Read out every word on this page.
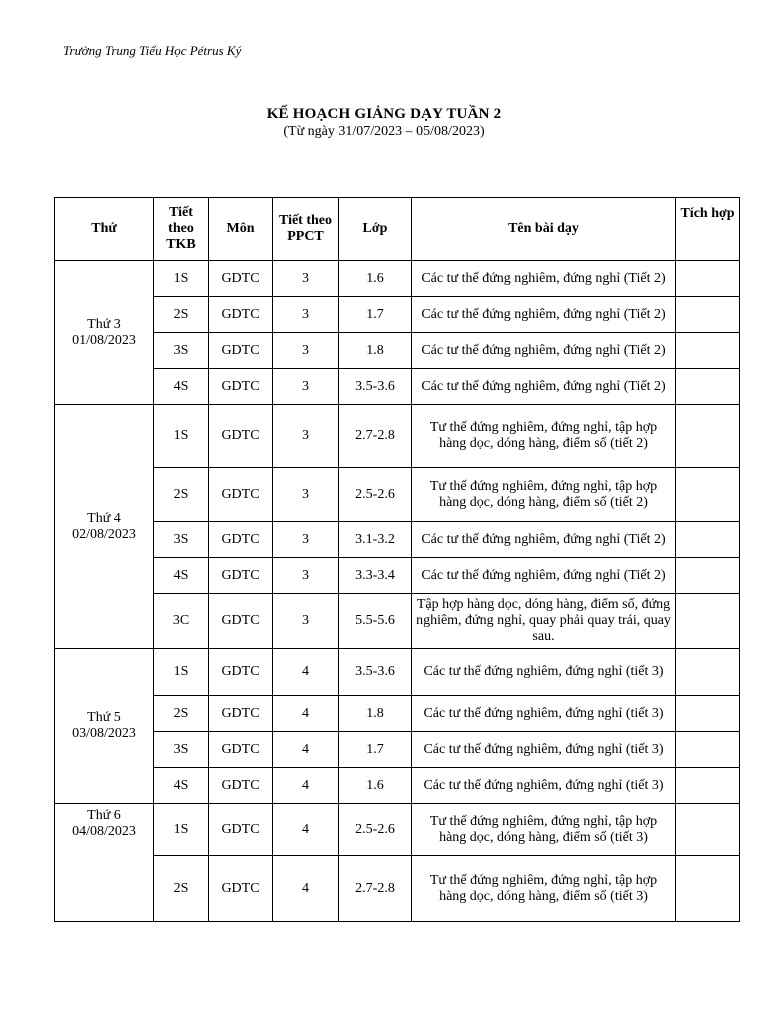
Trường Trung Tiểu Học Pétrus Ký
KẾ HOẠCH GIẢNG DẠY TUẦN 2
(Từ ngày 31/07/2023 – 05/08/2023)
Thứ	Tiết theo TKB	Môn	Tiết theo PPCT	Lớp	Tên bài dạy	Tích hợp

Thứ 3
01/08/2023	1S	GDTC	3	1.6	Các tư thế đứng nghiêm, đứng nghỉ (Tiết 2)	
	2S	GDTC	3	1.7	Các tư thế đứng nghiêm, đứng nghỉ (Tiết 2)	
	3S	GDTC	3	1.8	Các tư thế đứng nghiêm, đứng nghỉ (Tiết 2)	
	4S	GDTC	3	3.5-3.6	Các tư thế đứng nghiêm, đứng nghỉ (Tiết 2)	

Thứ 4
02/08/2023	1S	GDTC	3	2.7-2.8	Tư thế đứng nghiêm, đứng nghỉ, tập hợp hàng dọc, dóng hàng, điểm số (tiết 2)	
	2S	GDTC	3	2.5-2.6	Tư thế đứng nghiêm, đứng nghỉ, tập hợp hàng dọc, dóng hàng, điểm số (tiết 2)	
	3S	GDTC	3	3.1-3.2	Các tư thế đứng nghiêm, đứng nghỉ (Tiết 2)	
	4S	GDTC	3	3.3-3.4	Các tư thế đứng nghiêm, đứng nghỉ (Tiết 2)	
	3C	GDTC	3	5.5-5.6	Tập hợp hàng dọc, dóng hàng, điểm số, đứng nghiêm, đứng nghỉ, quay phải quay trái, quay sau.	

Thứ 5
03/08/2023	1S	GDTC	4	3.5-3.6	Các tư thế đứng nghiêm, đứng nghỉ (tiết 3)	
	2S	GDTC	4	1.8	Các tư thế đứng nghiêm, đứng nghỉ (tiết 3)	
	3S	GDTC	4	1.7	Các tư thế đứng nghiêm, đứng nghỉ (tiết 3)	
	4S	GDTC	4	1.6	Các tư thế đứng nghiêm, đứng nghỉ (tiết 3)	

Thứ 6
04/08/2023	1S	GDTC	4	2.5-2.6	Tư thế đứng nghiêm, đứng nghỉ, tập hợp hàng dọc, dóng hàng, điểm số (tiết 3)	
	2S	GDTC	4	2.7-2.8	Tư thế đứng nghiêm, đứng nghỉ, tập hợp hàng dọc, dóng hàng, điểm số (tiết 3)	
